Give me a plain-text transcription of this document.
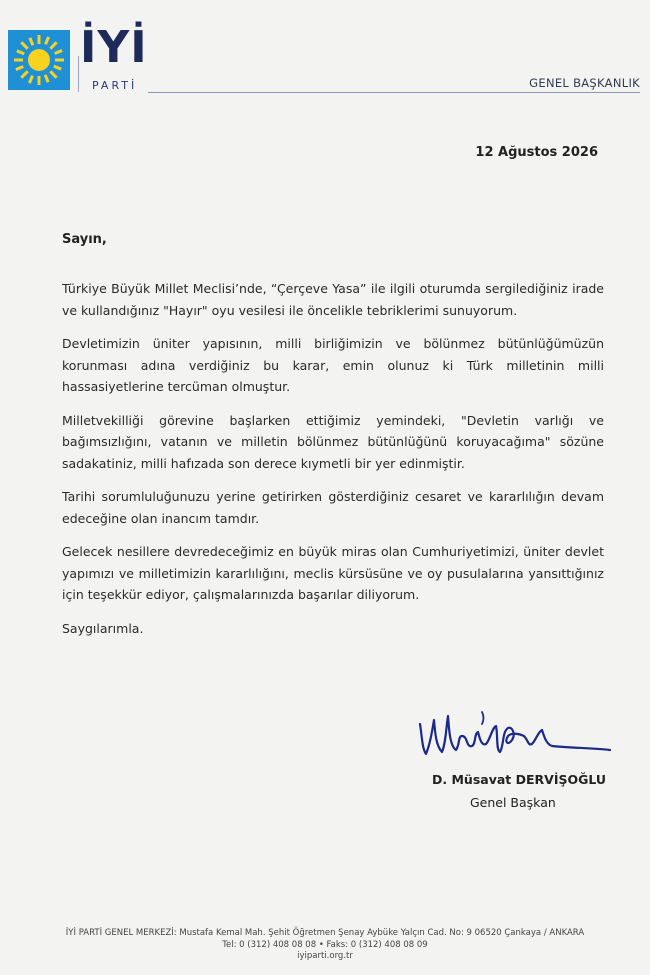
İYİ
PARTİ	GENEL BAŞKANLIK
12 Ağustos 2026
Sayın,

Türkiye Büyük Millet Meclisi’nde, “Çerçeve Yasa” ile ilgili oturumda sergilediğiniz irade ve kullandığınız "Hayır" oyu vesilesi ile öncelikle tebriklerimi sunuyorum.

Devletimizin üniter yapısının, milli birliğimizin ve bölünmez bütünlüğümüzün korunması adına verdiğiniz bu karar, emin olunuz ki Türk milletinin milli hassasiyetlerine tercüman olmuştur.

Milletvekilliği görevine başlarken ettiğimiz yemindeki, "Devletin varlığı ve bağımsızlığını, vatanın ve milletin bölünmez bütünlüğünü koruyacağıma" sözüne sadakatiniz, milli hafızada son derece kıymetli bir yer edinmiştir.

Tarihi sorumluluğunuzu yerine getirirken gösterdiğiniz cesaret ve kararlılığın devam edeceğine olan inancım tamdır.

Gelecek nesillere devredeceğimiz en büyük miras olan Cumhuriyetimizi, üniter devlet yapımızı ve milletimizin kararlılığını, meclis kürsüsüne ve oy pusulalarına yansıttığınız için teşekkür ediyor, çalışmalarınızda başarılar diliyorum.

Saygılarımla.

D. Müsavat DERVİŞOĞLU
Genel Başkan
İYİ PARTİ GENEL MERKEZİ: Mustafa Kemal Mah. Şehit Öğretmen Şenay Aybüke Yalçın Cad. No: 9 06520 Çankaya / ANKARA
Tel: 0 (312) 408 08 08 • Faks: 0 (312) 408 08 09
iyiparti.org.tr
